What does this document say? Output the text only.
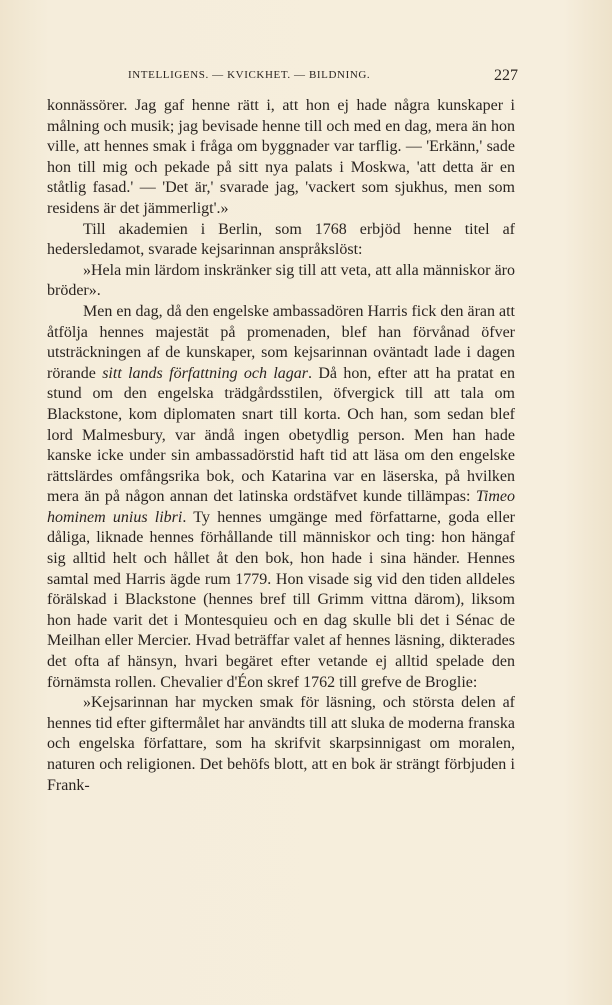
INTELLIGENS. — KVICKHET. — BILDNING.	227

konnässörer. Jag gaf henne rätt i, att hon ej hade några kunskaper i målning och musik; jag bevisade henne till och med en dag, mera än hon ville, att hennes smak i fråga om byggnader var tarflig. — 'Erkänn,' sade hon till mig och pekade på sitt nya palats i Moskwa, 'att detta är en ståtlig fasad.' — 'Det är,' svarade jag, 'vackert som sjukhus, men som residens är det jämmerligt'.»

Till akademien i Berlin, som 1768 erbjöd henne titel af hedersledamot, svarade kejsarinnan anspråkslöst:

»Hela min lärdom inskränker sig till att veta, att alla människor äro bröder».

Men en dag, då den engelske ambassadören Harris fick den äran att åtfölja hennes majestät på promenaden, blef han förvånad öfver utsträckningen af de kunskaper, som kejsarinnan oväntadt lade i dagen rörande sitt lands författning och lagar. Då hon, efter att ha pratat en stund om den engelska trädgårdsstilen, öfvergick till att tala om Blackstone, kom diplomaten snart till korta. Och han, som sedan blef lord Malmesbury, var ändå ingen obetydlig person. Men han hade kanske icke under sin ambassadörstid haft tid att läsa om den engelske rättslärdes omfångsrika bok, och Katarina var en läserska, på hvilken mera än på någon annan det latinska ordstäfvet kunde tillämpas: Timeo hominem unius libri. Ty hennes umgänge med författarne, goda eller dåliga, liknade hennes förhållande till människor och ting: hon hängaf sig alltid helt och hållet åt den bok, hon hade i sina händer. Hennes samtal med Harris ägde rum 1779. Hon visade sig vid den tiden alldeles förälskad i Blackstone (hennes bref till Grimm vittna därom), liksom hon hade varit det i Montesquieu och en dag skulle bli det i Sénac de Meilhan eller Mercier. Hvad beträffar valet af hennes läsning, dikterades det ofta af hänsyn, hvari begäret efter vetande ej alltid spelade den förnämsta rollen. Chevalier d'Éon skref 1762 till grefve de Broglie:

»Kejsarinnan har mycken smak för läsning, och största delen af hennes tid efter giftermålet har användts till att sluka de moderna franska och engelska författare, som ha skrifvit skarpsinnigast om moralen, naturen och religionen. Det behöfs blott, att en bok är strängt förbjuden i Frank-
